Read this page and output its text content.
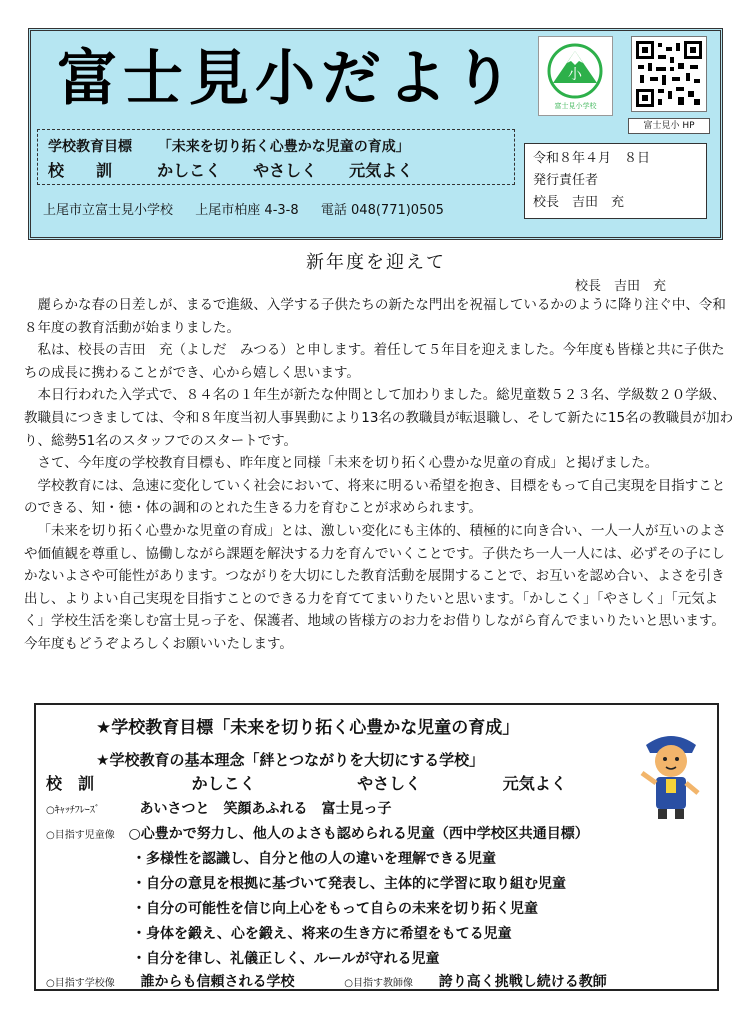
富士見小だより	小
富士見小学校
富士見小 HP
学校教育目標 「未来を切り拓く心豊かな児童の育成」
校　　訓	かしこく　　やさしく　　元気よく
令和８年４月　８日
発行責任者
校長　吉田　充
上尾市立富士見小学校 上尾市柏座 4-3-8 電話 048(771)0505
新年度を迎えて
校長　吉田　充

麗らかな春の日差しが、まるで進級、入学する子供たちの新たな門出を祝福しているかのように降り注ぐ中、令和８年度の教育活動が始まりました。

私は、校長の吉田　充（よしだ　みつる）と申します。着任して５年目を迎えました。今年度も皆様と共に子供たちの成長に携わることができ、心から嬉しく思います。

本日行われた入学式で、８４名の１年生が新たな仲間として加わりました。総児童数５２３名、学級数２０学級、教職員につきましては、令和８年度当初人事異動により13名の教職員が転退職し、そして新たに15名の教職員が加わり、総勢51名のスタッフでのスタートです。

さて、今年度の学校教育目標も、昨年度と同様「未来を切り拓く心豊かな児童の育成」と掲げました。

学校教育には、急速に変化していく社会において、将来に明るい希望を抱き、目標をもって自己実現を目指すことのできる、知・徳・体の調和のとれた生きる力を育むことが求められます。

「未来を切り拓く心豊かな児童の育成」とは、激しい変化にも主体的、積極的に向き合い、一人一人が互いのよさや価値観を尊重し、協働しながら課題を解決する力を育んでいくことです。子供たち一人一人には、必ずその子にしかないよさや可能性があります。つながりを大切にした教育活動を展開することで、お互いを認め合い、よさを引き出し、よりよい自己実現を目指すことのできる力を育ててまいりたいと思います。「かしこく」「やさしく」「元気よく」学校生活を楽しむ富士見っ子を、保護者、地域の皆様方のお力をお借りしながら育んでまいりたいと思います。今年度もどうぞよろしくお願いいたします。

★学校教育目標「未来を切り拓く心豊かな児童の育成」
★学校教育の基本理念「絆とつながりを大切にする学校」
校　訓	かしこく	やさしく	元気よく
○ｷｬｯﾁﾌﾚｰｽﾞ	あいさつと　笑顔あふれる　富士見っ子
○目指す児童像 ○心豊かで努力し、他人のよさも認められる児童（西中学校区共通目標）
・多様性を認識し、自分と他の人の違いを理解できる児童
・自分の意見を根拠に基づいて発表し、主体的に学習に取り組む児童
・自分の可能性を信じ向上心をもって自らの未来を切り拓く児童
・身体を鍛え、心を鍛え、将来の生き方に希望をもてる児童
・自分を律し、礼儀正しく、ルールが守れる児童
○目指す学校像 誰からも信頼される学校	○目指す教師像 誇り高く挑戦し続ける教師
